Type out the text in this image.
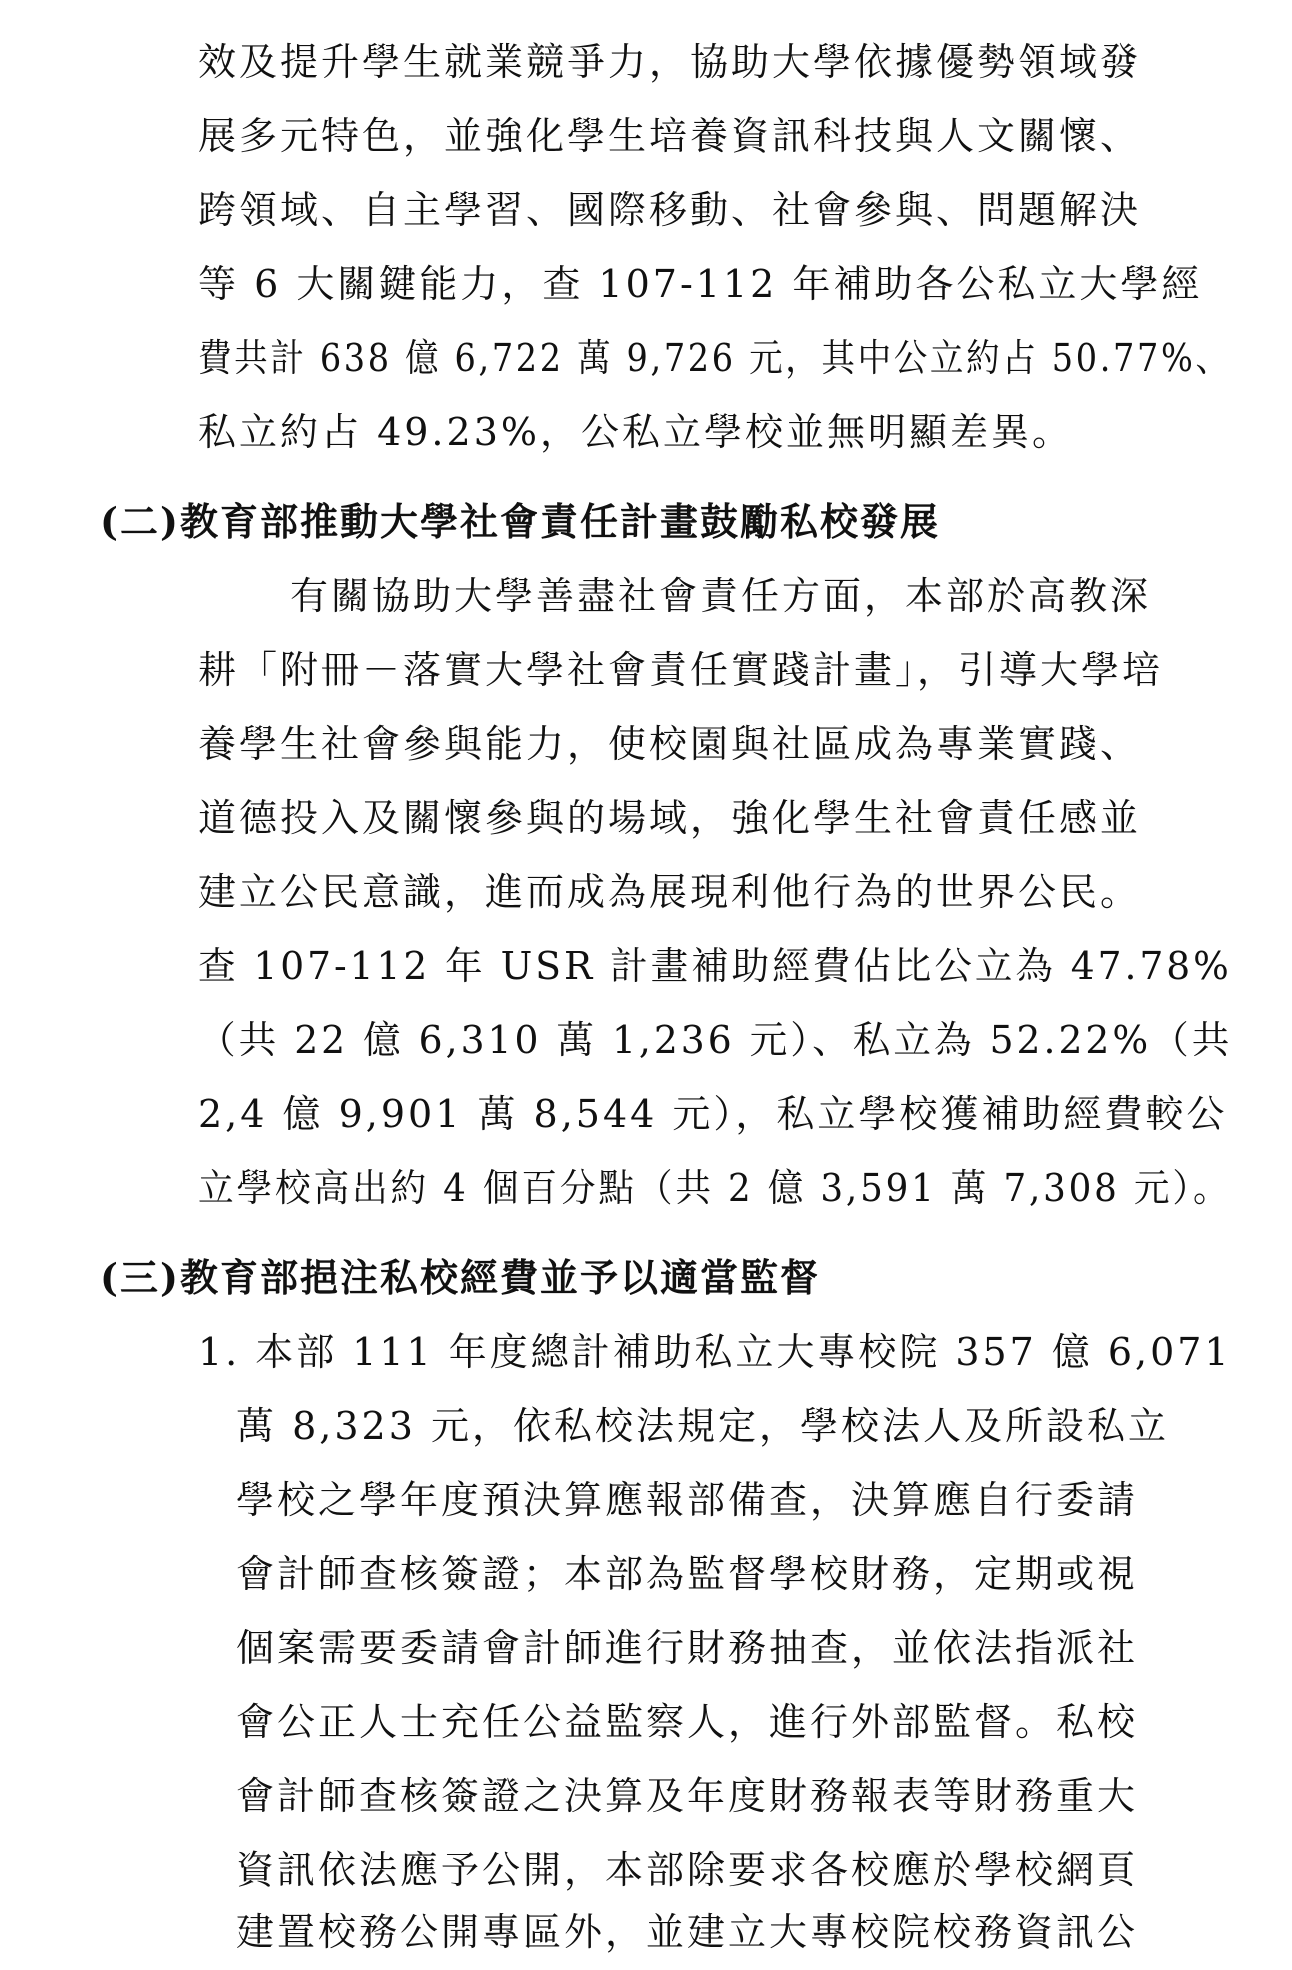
效及提升學生就業競爭力，協助大學依據優勢領域發
展多元特色，並強化學生培養資訊科技與人文關懷、
跨領域、自主學習、國際移動、社會參與、問題解決
等 6 大關鍵能力，查 107-112 年補助各公私立大學經
費共計 638 億 6,722 萬 9,726 元，其中公立約占 50.77%、
私立約占 49.23%，公私立學校並無明顯差異。
(二)教育部推動大學社會責任計畫鼓勵私校發展
有關協助大學善盡社會責任方面，本部於高教深
耕「附冊－落實大學社會責任實踐計畫」，引導大學培
養學生社會參與能力，使校園與社區成為專業實踐、
道德投入及關懷參與的場域，強化學生社會責任感並
建立公民意識，進而成為展現利他行為的世界公民。
查 107-112 年 USR 計畫補助經費佔比公立為 47.78%
（共 22 億 6,310 萬 1,236 元）、私立為 52.22%（共
2,4 億 9,901 萬 8,544 元），私立學校獲補助經費較公
立學校高出約 4 個百分點（共 2 億 3,591 萬 7,308 元）。
(三)教育部挹注私校經費並予以適當監督
1. 本部 111 年度總計補助私立大專校院 357 億 6,071
萬 8,323 元，依私校法規定，學校法人及所設私立
學校之學年度預決算應報部備查，決算應自行委請
會計師查核簽證；本部為監督學校財務，定期或視
個案需要委請會計師進行財務抽查，並依法指派社
會公正人士充任公益監察人，進行外部監督。私校
會計師查核簽證之決算及年度財務報表等財務重大
資訊依法應予公開，本部除要求各校應於學校網頁
建置校務公開專區外，並建立大專校院校務資訊公
